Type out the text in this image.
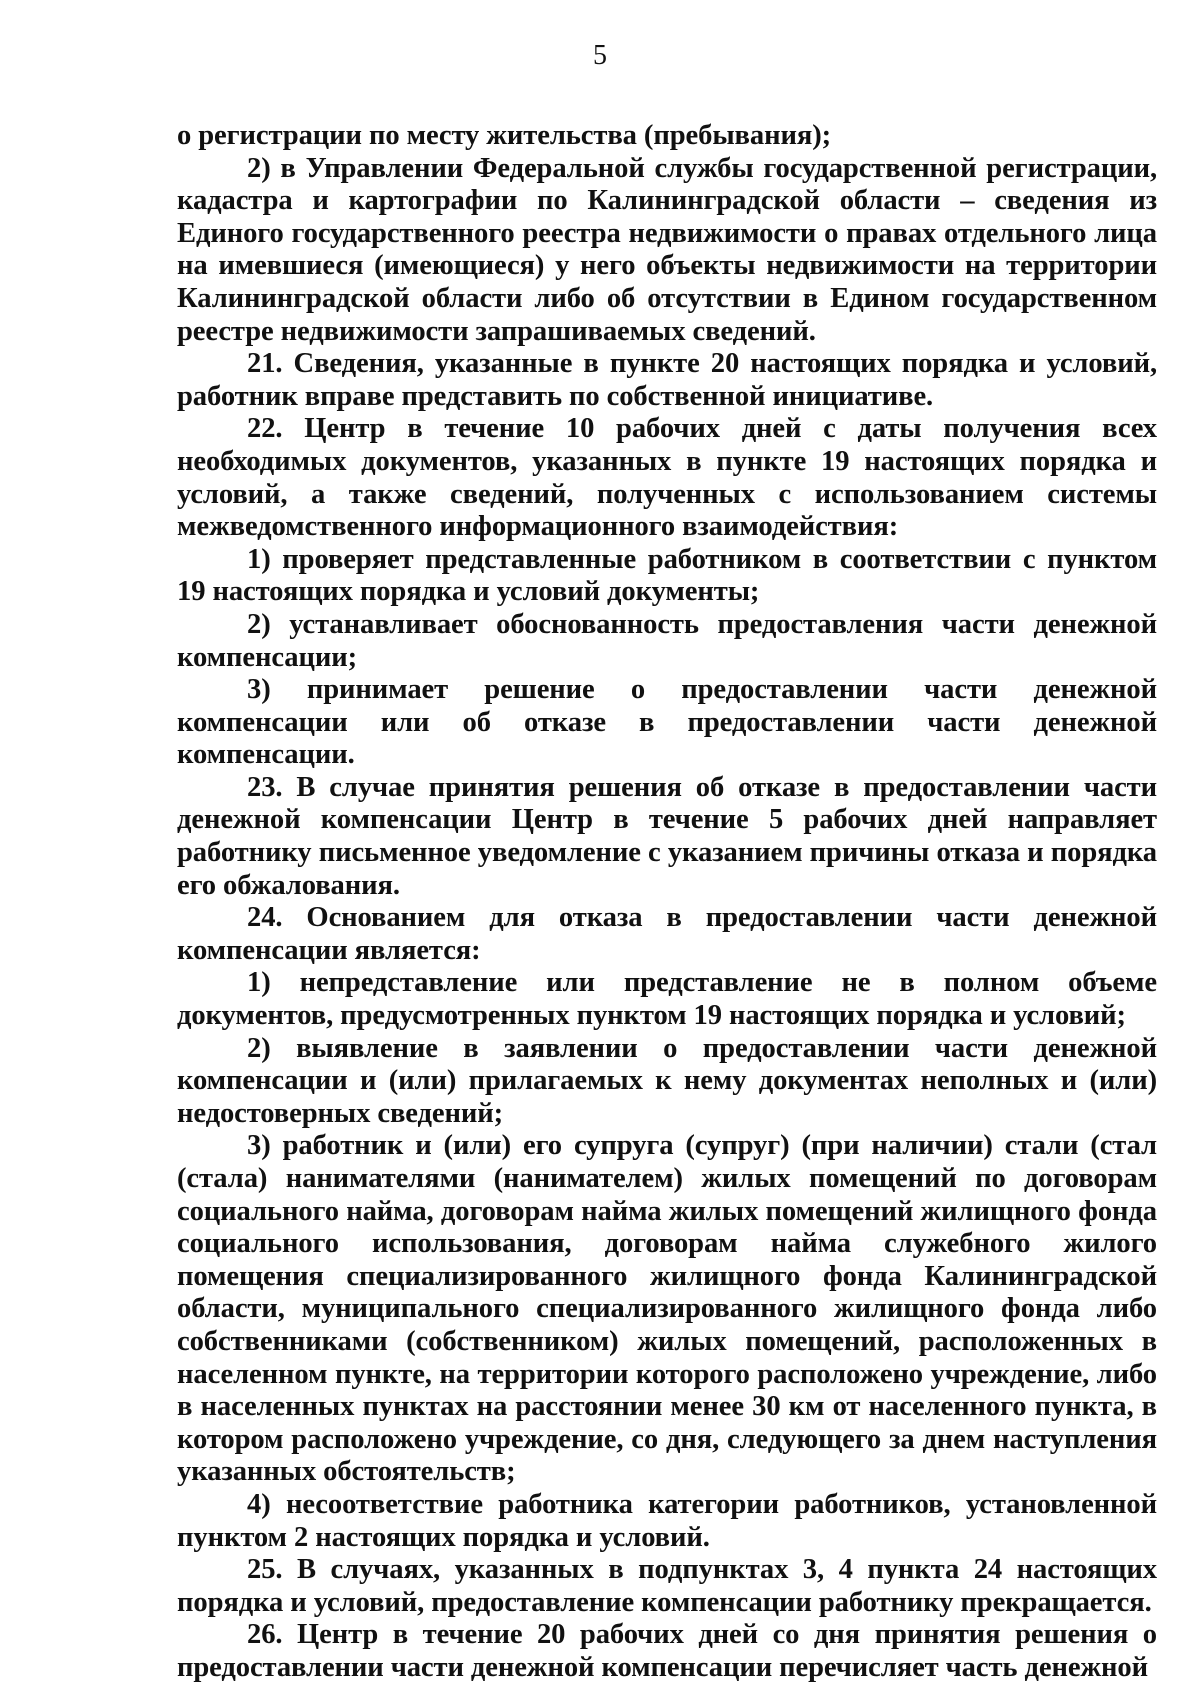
5

о регистрации по месту жительства (пребывания);

2) в Управлении Федеральной службы государственной регистрации, кадастра и картографии по Калининградской области – сведения из Единого государственного реестра недвижимости о правах отдельного лица на имевшиеся (имеющиеся) у него объекты недвижимости на территории Калининградской области либо об отсутствии в Едином государственном реестре недвижимости запрашиваемых сведений.

21. Сведения, указанные в пункте 20 настоящих порядка и условий, работник вправе представить по собственной инициативе.

22. Центр в течение 10 рабочих дней с даты получения всех необходимых документов, указанных в пункте 19 настоящих порядка и условий, а также сведений, полученных с использованием системы межведомственного информационного взаимодействия:

1) проверяет представленные работником в соответствии с пунктом 19 настоящих порядка и условий документы;

2) устанавливает обоснованность предоставления части денежной компенсации;

3) принимает решение о предоставлении части денежной компенсации или об отказе в предоставлении части денежной компенсации.

23. В случае принятия решения об отказе в предоставлении части денежной компенсации Центр в течение 5 рабочих дней направляет работнику письменное уведомление с указанием причины отказа и порядка его обжалования.

24. Основанием для отказа в предоставлении части денежной компенсации является:

1) непредставление или представление не в полном объеме документов, предусмотренных пунктом 19 настоящих порядка и условий;

2) выявление в заявлении о предоставлении части денежной компенсации и (или) прилагаемых к нему документах неполных и (или) недостоверных сведений;

3) работник и (или) его супруга (супруг) (при наличии) стали (стал (стала) нанимателями (нанимателем) жилых помещений по договорам социального найма, договорам найма жилых помещений жилищного фонда социального использования, договорам найма служебного жилого помещения специализированного жилищного фонда Калининградской области, муниципального специализированного жилищного фонда либо собственниками (собственником) жилых помещений, расположенных в населенном пункте, на территории которого расположено учреждение, либо в населенных пунктах на расстоянии менее 30 км от населенного пункта, в котором расположено учреждение, со дня, следующего за днем наступления указанных обстоятельств;

4) несоответствие работника категории работников, установленной пунктом 2 настоящих порядка и условий.

25. В случаях, указанных в подпунктах 3, 4 пункта 24 настоящих порядка и условий, предоставление компенсации работнику прекращается.

26. Центр в течение 20 рабочих дней со дня принятия решения о предоставлении части денежной компенсации перечисляет часть денежной
